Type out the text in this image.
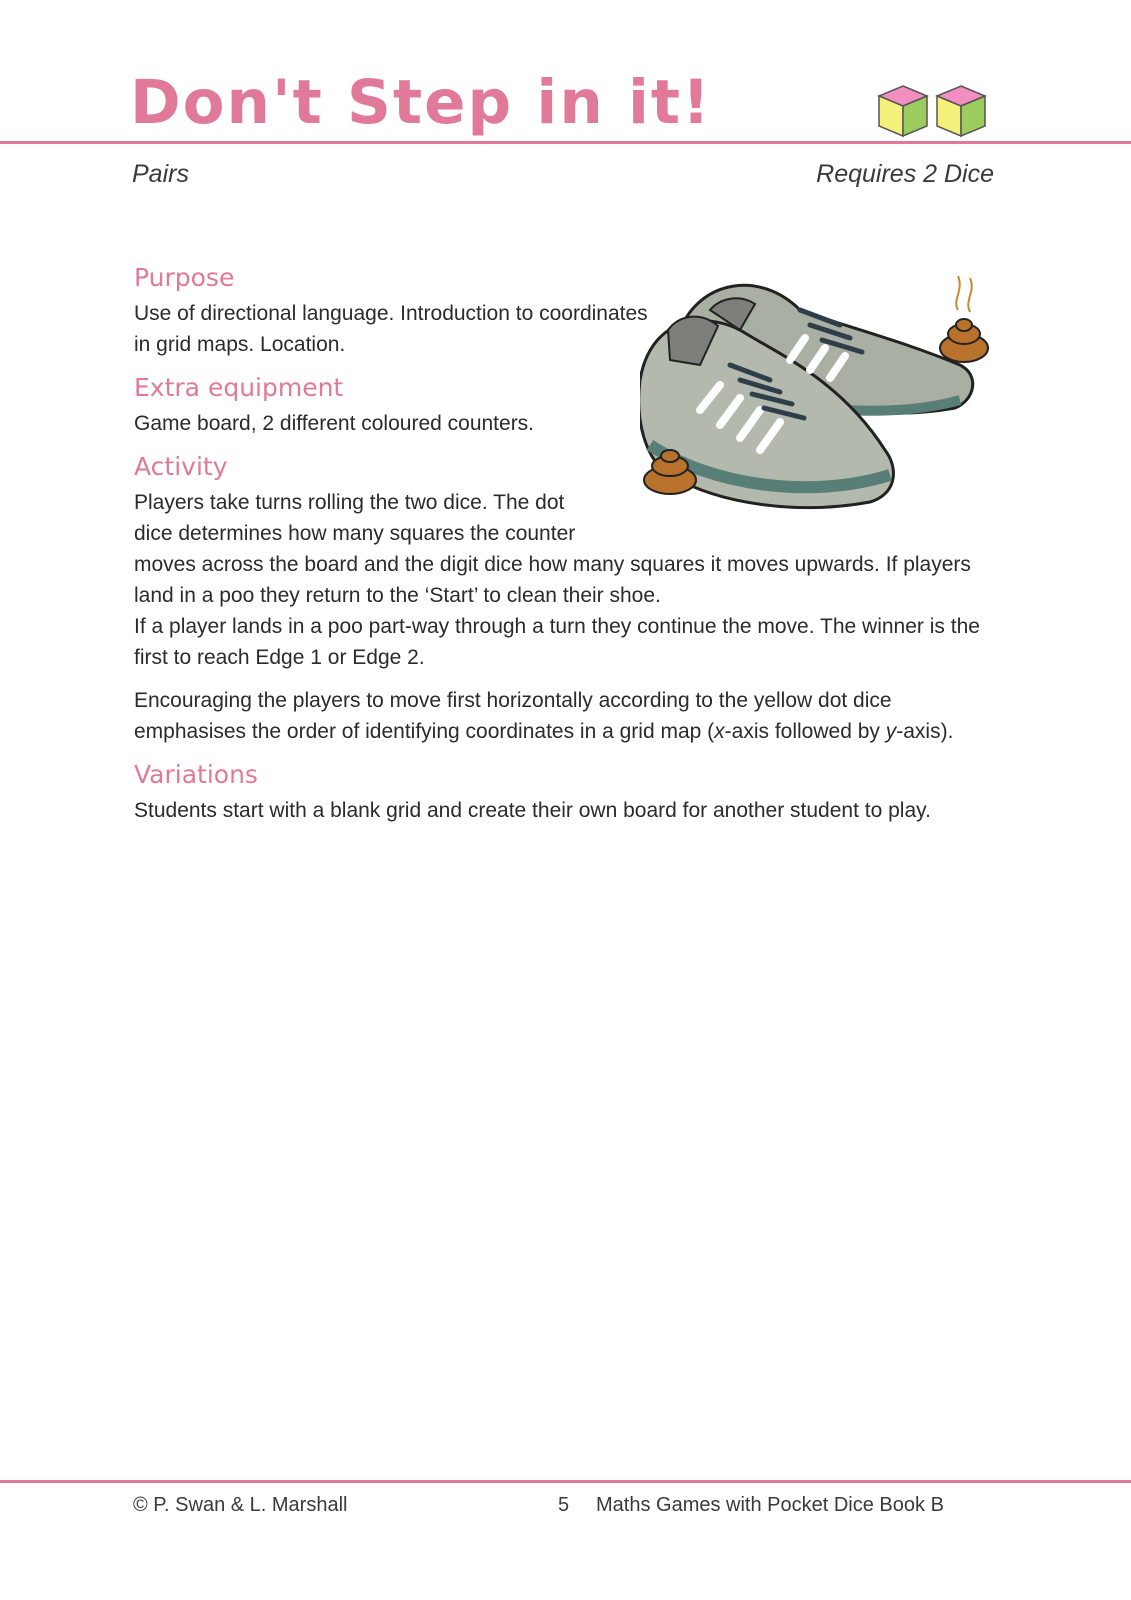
Don't Step in it!

Pairs	Requires 2 Dice
Purpose

Use of directional language. Introduction to coordinates in grid maps. Location.

Extra equipment

Game board, 2 different coloured counters.

Activity

Players take turns rolling the two dice. The dot
dice determines how many squares the counter
moves across the board and the digit dice how many squares it moves upwards. If players land in a poo they return to the ‘Start’ to clean their shoe.

If a player lands in a poo part-way through a turn they continue the move. The winner is the first to reach Edge 1 or Edge 2.

Encouraging the players to move first horizontally according to the yellow dot dice emphasises the order of identifying coordinates in a grid map (x-axis followed by y-axis).

Variations

Students start with a blank grid and create their own board for another student to play.

© P. Swan & L. Marshall	5 Maths Games with Pocket Dice Book B
